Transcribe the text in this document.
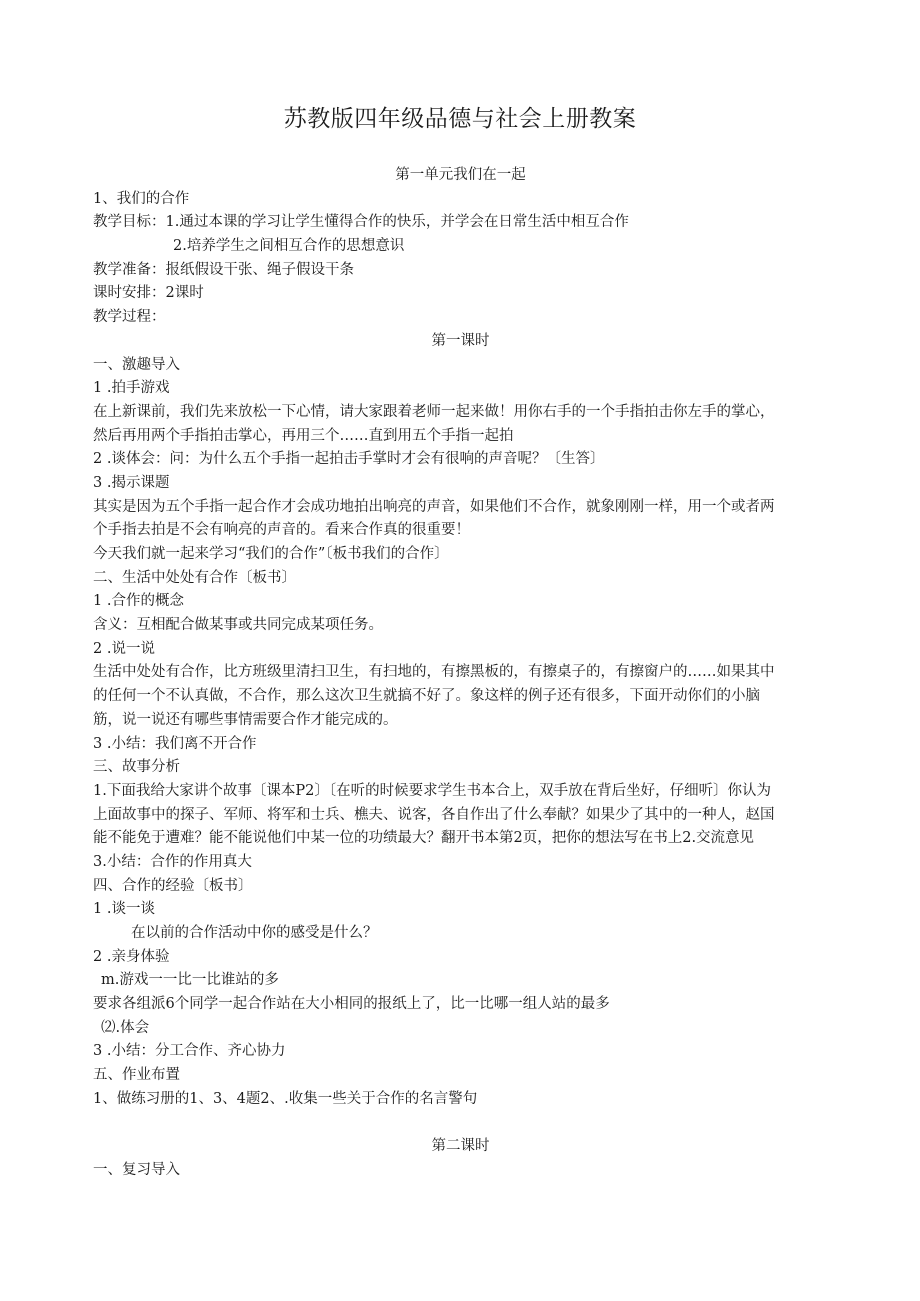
苏教版四年级品德与社会上册教案
第一单元我们在一起
1、我们的合作
教学目标：1.通过本课的学习让学生懂得合作的快乐，并学会在日常生活中相互合作
2.培养学生之间相互合作的思想意识
教学准备：报纸假设干张、绳子假设干条
课时安排：2课时
教学过程：
第一课时
一、激趣导入
1 .拍手游戏
在上新课前，我们先来放松一下心情，请大家跟着老师一起来做！用你右手的一个手指拍击你左手的掌心，
然后再用两个手指拍击掌心，再用三个……直到用五个手指一起拍
2 .谈体会：问：为什么五个手指一起拍击手掌时才会有很响的声音呢？〔生答〕
3 .揭示课题
其实是因为五个手指一起合作才会成功地拍出响亮的声音，如果他们不合作，就象刚刚一样，用一个或者两
个手指去拍是不会有响亮的声音的。看来合作真的很重要！
今天我们就一起来学习“我们的合作”〔板书我们的合作〕
二、生活中处处有合作〔板书〕
1 .合作的概念
含义：互相配合做某事或共同完成某项任务。
2 .说一说
生活中处处有合作，比方班级里清扫卫生，有扫地的，有擦黑板的，有擦桌子的，有擦窗户的……如果其中
的任何一个不认真做，不合作，那么这次卫生就搞不好了。象这样的例子还有很多，下面开动你们的小脑
筋，说一说还有哪些事情需要合作才能完成的。
3 .小结：我们离不开合作
三、故事分析
1.下面我给大家讲个故事〔课本P2〕〔在听的时候要求学生书本合上，双手放在背后坐好，仔细听〕你认为
上面故事中的探子、军师、将军和士兵、樵夫、说客，各自作出了什么奉献？如果少了其中的一种人，赵国
能不能免于遭难？能不能说他们中某一位的功绩最大？翻开书本第2页，把你的想法写在书上2.交流意见
3.小结：合作的作用真大
四、合作的经验〔板书〕
1 .谈一谈
在以前的合作活动中你的感受是什么？
2 .亲身体验
m.游戏一一比一比谁站的多
要求各组派6个同学一起合作站在大小相同的报纸上了，比一比哪一组人站的最多
⑵.体会
3 .小结：分工合作、齐心协力
五、作业布置
1、做练习册的1、3、4题2、.收集一些关于合作的名言警句
第二课时
一、复习导入
